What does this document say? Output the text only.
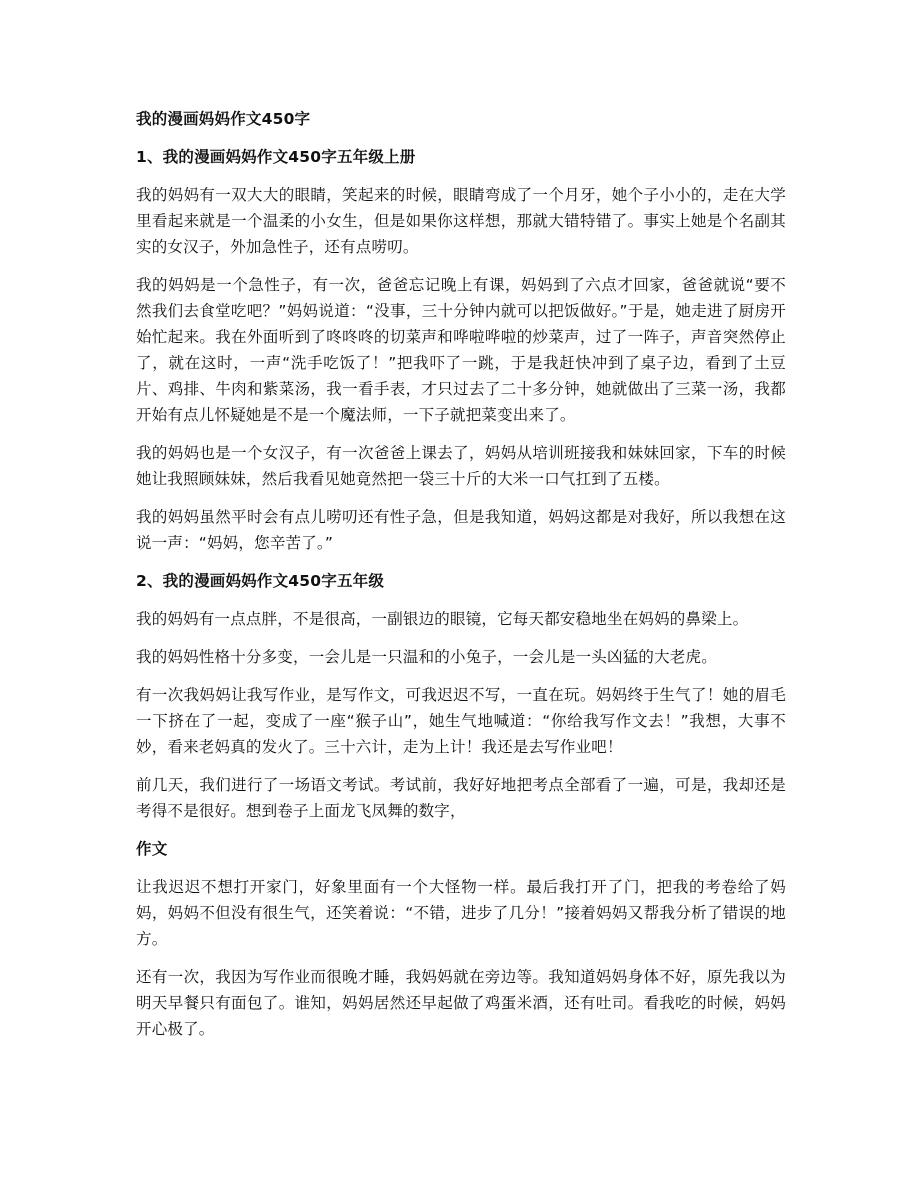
我的漫画妈妈作文450字
1、我的漫画妈妈作文450字五年级上册
我的妈妈有一双大大的眼睛，笑起来的时候，眼睛弯成了一个月牙，她个子小小的，走在大学里看起来就是一个温柔的小女生，但是如果你这样想，那就大错特错了。事实上她是个名副其实的女汉子，外加急性子，还有点唠叨。
我的妈妈是一个急性子，有一次，爸爸忘记晚上有课，妈妈到了六点才回家，爸爸就说“要不然我们去食堂吃吧？”妈妈说道：“没事，三十分钟内就可以把饭做好。”于是，她走进了厨房开始忙起来。我在外面听到了咚咚咚的切菜声和哗啦哗啦的炒菜声，过了一阵子，声音突然停止了，就在这时，一声“洗手吃饭了！”把我吓了一跳，于是我赶快冲到了桌子边，看到了土豆片、鸡排、牛肉和紫菜汤，我一看手表，才只过去了二十多分钟，她就做出了三菜一汤，我都开始有点儿怀疑她是不是一个魔法师，一下子就把菜变出来了。
我的妈妈也是一个女汉子，有一次爸爸上课去了，妈妈从培训班接我和妹妹回家，下车的时候她让我照顾妹妹，然后我看见她竟然把一袋三十斤的大米一口气扛到了五楼。
我的妈妈虽然平时会有点儿唠叨还有性子急，但是我知道，妈妈这都是对我好，所以我想在这说一声：“妈妈，您辛苦了。”
2、我的漫画妈妈作文450字五年级
我的妈妈有一点点胖，不是很高，一副银边的眼镜，它每天都安稳地坐在妈妈的鼻梁上。
我的妈妈性格十分多变，一会儿是一只温和的小兔子，一会儿是一头凶猛的大老虎。
有一次我妈妈让我写作业，是写作文，可我迟迟不写，一直在玩。妈妈终于生气了！她的眉毛一下挤在了一起，变成了一座“猴子山”，她生气地喊道：“你给我写作文去！”我想，大事不妙，看来老妈真的发火了。三十六计，走为上计！我还是去写作业吧！
前几天，我们进行了一场语文考试。考试前，我好好地把考点全部看了一遍，可是，我却还是考得不是很好。想到卷子上面龙飞凤舞的数字，
作文
让我迟迟不想打开家门，好象里面有一个大怪物一样。最后我打开了门，把我的考卷给了妈妈，妈妈不但没有很生气，还笑着说：“不错，进步了几分！”接着妈妈又帮我分析了错误的地方。
还有一次，我因为写作业而很晚才睡，我妈妈就在旁边等。我知道妈妈身体不好，原先我以为明天早餐只有面包了。谁知，妈妈居然还早起做了鸡蛋米酒，还有吐司。看我吃的时候，妈妈开心极了。
